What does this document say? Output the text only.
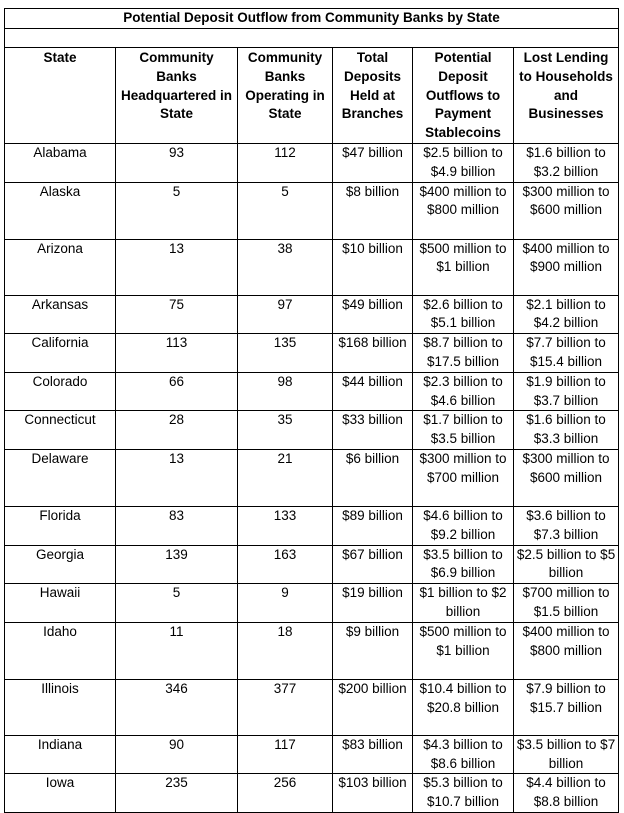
Potential Deposit Outflow from Community Banks by State					

State	Community Banks Headquartered in State	Community Banks Operating in State	Total Deposits Held at Branches	Potential Deposit Outflows to Payment Stablecoins	Lost Lending to Households and Businesses
Alabama	93	112	$47 billion	$2.5 billion to $4.9 billion	$1.6 billion to $3.2 billion
Alaska	5	5	$8 billion	$400 million to $800 million	$300 million to $600 million
Arizona	13	38	$10 billion	$500 million to $1 billion	$400 million to $900 million
Arkansas	75	97	$49 billion	$2.6 billion to $5.1 billion	$2.1 billion to $4.2 billion
California	113	135	$168 billion	$8.7 billion to $17.5 billion	$7.7 billion to $15.4 billion
Colorado	66	98	$44 billion	$2.3 billion to $4.6 billion	$1.9 billion to $3.7 billion
Connecticut	28	35	$33 billion	$1.7 billion to $3.5 billion	$1.6 billion to $3.3 billion
Delaware	13	21	$6 billion	$300 million to $700 million	$300 million to $600 million
Florida	83	133	$89 billion	$4.6 billion to $9.2 billion	$3.6 billion to $7.3 billion
Georgia	139	163	$67 billion	$3.5 billion to $6.9 billion	$2.5 billion to $5 billion
Hawaii	5	9	$19 billion	$1 billion to $2 billion	$700 million to $1.5 billion
Idaho	11	18	$9 billion	$500 million to $1 billion	$400 million to $800 million
Illinois	346	377	$200 billion	$10.4 billion to $20.8 billion	$7.9 billion to $15.7 billion
Indiana	90	117	$83 billion	$4.3 billion to $8.6 billion	$3.5 billion to $7 billion
Iowa	235	256	$103 billion	$5.3 billion to $10.7 billion	$4.4 billion to $8.8 billion
